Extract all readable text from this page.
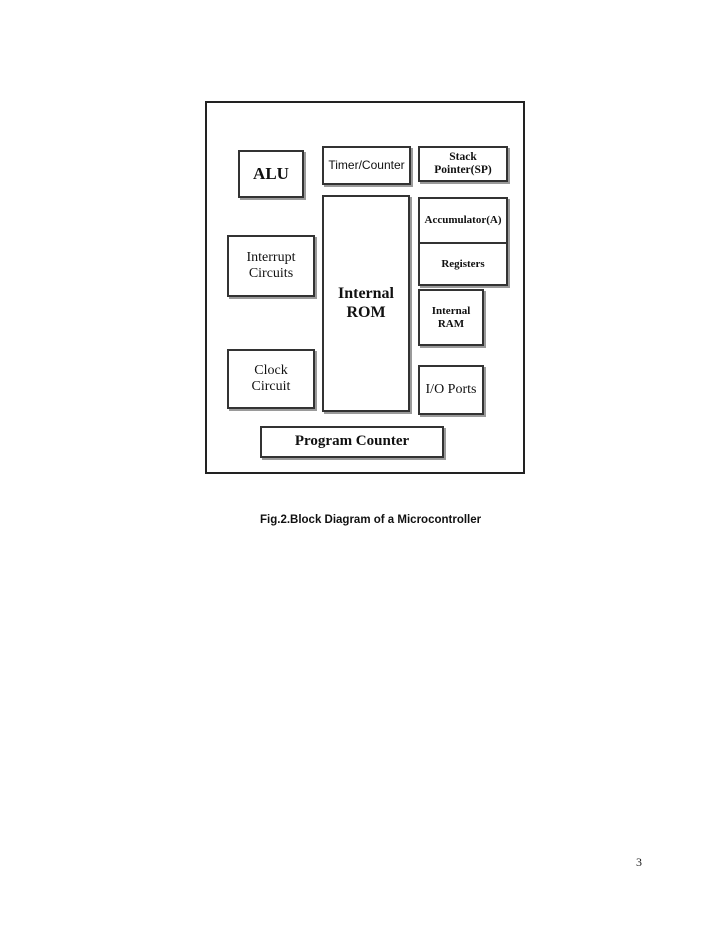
ALU	Timer/Counter
Stack Pointer(SP)
Accumulator(A)
Registers
Interrupt
Circuits
Internal
ROM	Internal
RAM
Clock
Circuit	I/O Ports
Program Counter
Fig.2.Block Diagram of a Microcontroller
3
